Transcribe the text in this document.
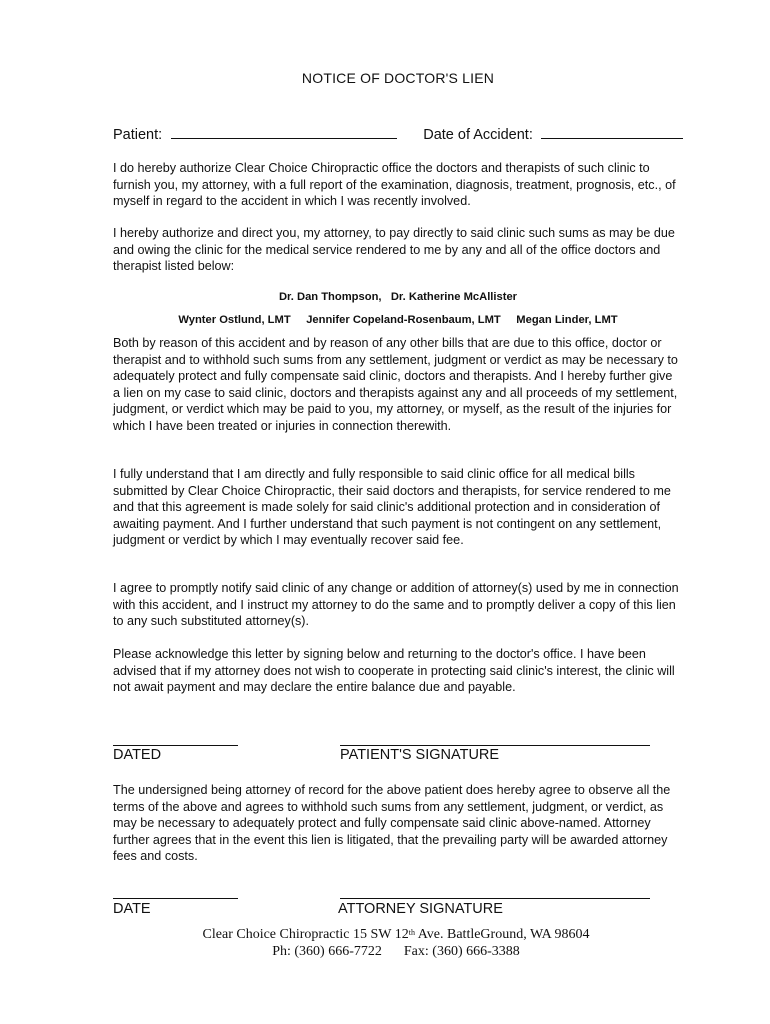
NOTICE OF DOCTOR'S LIEN
Patient:	Date of Accident:

I do hereby authorize Clear Choice Chiropractic office the doctors and therapists of such clinic to furnish you, my attorney, with a full report of the examination, diagnosis, treatment, prognosis, etc., of myself in regard to the accident in which I was recently involved.

I hereby authorize and direct you, my attorney, to pay directly to said clinic such sums as may be due and owing the clinic for the medical service rendered to me by any and all of the office doctors and therapist listed below:

Dr. Dan Thompson,   Dr. Katherine McAllister
Wynter Ostlund, LMT     Jennifer Copeland-Rosenbaum, LMT     Megan Linder, LMT

Both by reason of this accident and by reason of any other bills that are due to this office, doctor or therapist and to withhold such sums from any settlement, judgment or verdict as may be necessary to adequately protect and fully compensate said clinic, doctors and therapists. And I hereby further give a lien on my case to said clinic, doctors and therapists against any and all proceeds of my settlement, judgment, or verdict which may be paid to you, my attorney, or myself, as the result of the injuries for which I have been treated or injuries in connection therewith.

I fully understand that I am directly and fully responsible to said clinic office for all medical bills submitted by Clear Choice Chiropractic, their said doctors and therapists, for service rendered to me and that this agreement is made solely for said clinic's additional protection and in consideration of awaiting payment. And I further understand that such payment is not contingent on any settlement, judgment or verdict by which I may eventually recover said fee.

I agree to promptly notify said clinic of any change or addition of attorney(s) used by me in connection with this accident, and I instruct my attorney to do the same and to promptly deliver a copy of this lien to any such substituted attorney(s).

Please acknowledge this letter by signing below and returning to the doctor's office. I have been advised that if my attorney does not wish to cooperate in protecting said clinic's interest, the clinic will not await payment and may declare the entire balance due and payable.

DATED	PATIENT'S SIGNATURE

The undersigned being attorney of record for the above patient does hereby agree to observe all the terms of the above and agrees to withhold such sums from any settlement, judgment, or verdict, as may be necessary to adequately protect and fully compensate said clinic above-named. Attorney further agrees that in the event this lien is litigated, that the prevailing party will be awarded attorney fees and costs.

DATE	ATTORNEY SIGNATURE
Clear Choice Chiropractic 15 SW 12th Ave. BattleGround, WA 98604
Ph: (360) 666-7722 Fax: (360) 666-3388
